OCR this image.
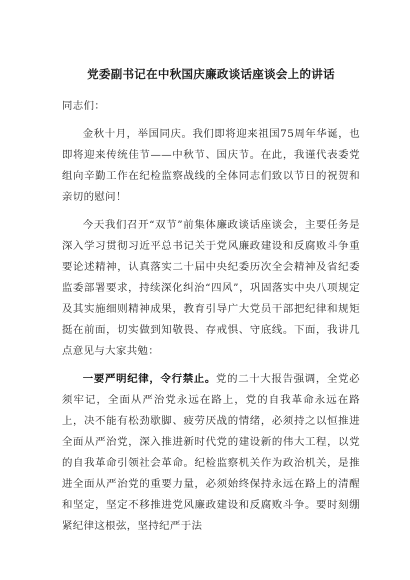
党委副书记在中秋国庆廉政谈话座谈会上的讲话

同志们：

金秋十月，举国同庆。我们即将迎来祖国75周年华诞，也即将迎来传统佳节——中秋节、国庆节。在此，我谨代表委党组向辛勤工作在纪检监察战线的全体同志们致以节日的祝贺和亲切的慰问！

今天我们召开“双节”前集体廉政谈话座谈会，主要任务是深入学习贯彻习近平总书记关于党风廉政建设和反腐败斗争重要论述精神，认真落实二十届中央纪委历次全会精神及省纪委监委部署要求，持续深化纠治“四风”，巩固落实中央八项规定及其实施细则精神成果，教育引导广大党员干部把纪律和规矩挺在前面，切实做到知敬畏、存戒惧、守底线。下面，我讲几点意见与大家共勉：

一要严明纪律，令行禁止。党的二十大报告强调，全党必须牢记，全面从严治党永远在路上，党的自我革命永远在路上，决不能有松劲歇脚、疲劳厌战的情绪，必须持之以恒推进全面从严治党，深入推进新时代党的建设新的伟大工程，以党的自我革命引领社会革命。纪检监察机关作为政治机关，是推进全面从严治党的重要力量，必须始终保持永远在路上的清醒和坚定，坚定不移推进党风廉政建设和反腐败斗争。要时刻绷紧纪律这根弦，坚持纪严于法
